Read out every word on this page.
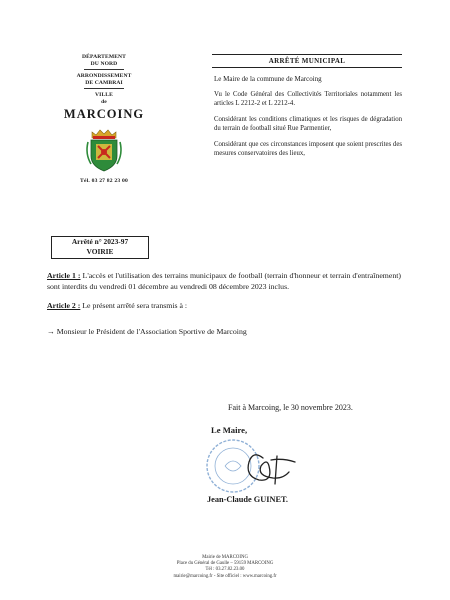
DÉPARTEMENT
DU NORD
ARRONDISSEMENT
DE CAMBRAI
VILLE
de
MARCOING
Tél. 03 27 82 23 00
ARRÊTÉ MUNICIPAL
Le Maire de la commune de Marcoing

Vu le Code Général des Collectivités Territoriales notamment les articles L 2212-2 et L 2212-4.

Considérant les conditions climatiques et les risques de dégradation du terrain de football situé Rue Parmentier,

Considérant que ces circonstances imposent que soient prescrites des mesures conservatoires des lieux,

Arrêté n° 2023-97
VOIRIE

Article 1 : L'accès et l'utilisation des terrains municipaux de football (terrain d'honneur et terrain d'entraînement) sont interdits du vendredi 01 décembre au vendredi 08 décembre 2023 inclus.

Article 2 : Le présent arrêté sera transmis à :

→ Monsieur le Président de l'Association Sportive de Marcoing

Fait à Marcoing, le 30 novembre 2023.
Le Maire,
Jean-Claude GUINET.
Mairie de MARCOING
Place du Général de Gaulle – 59159 MARCOING
Tél : 03.27.82.23.00
mairie@marcoing.fr - Site officiel : www.marcoing.fr
